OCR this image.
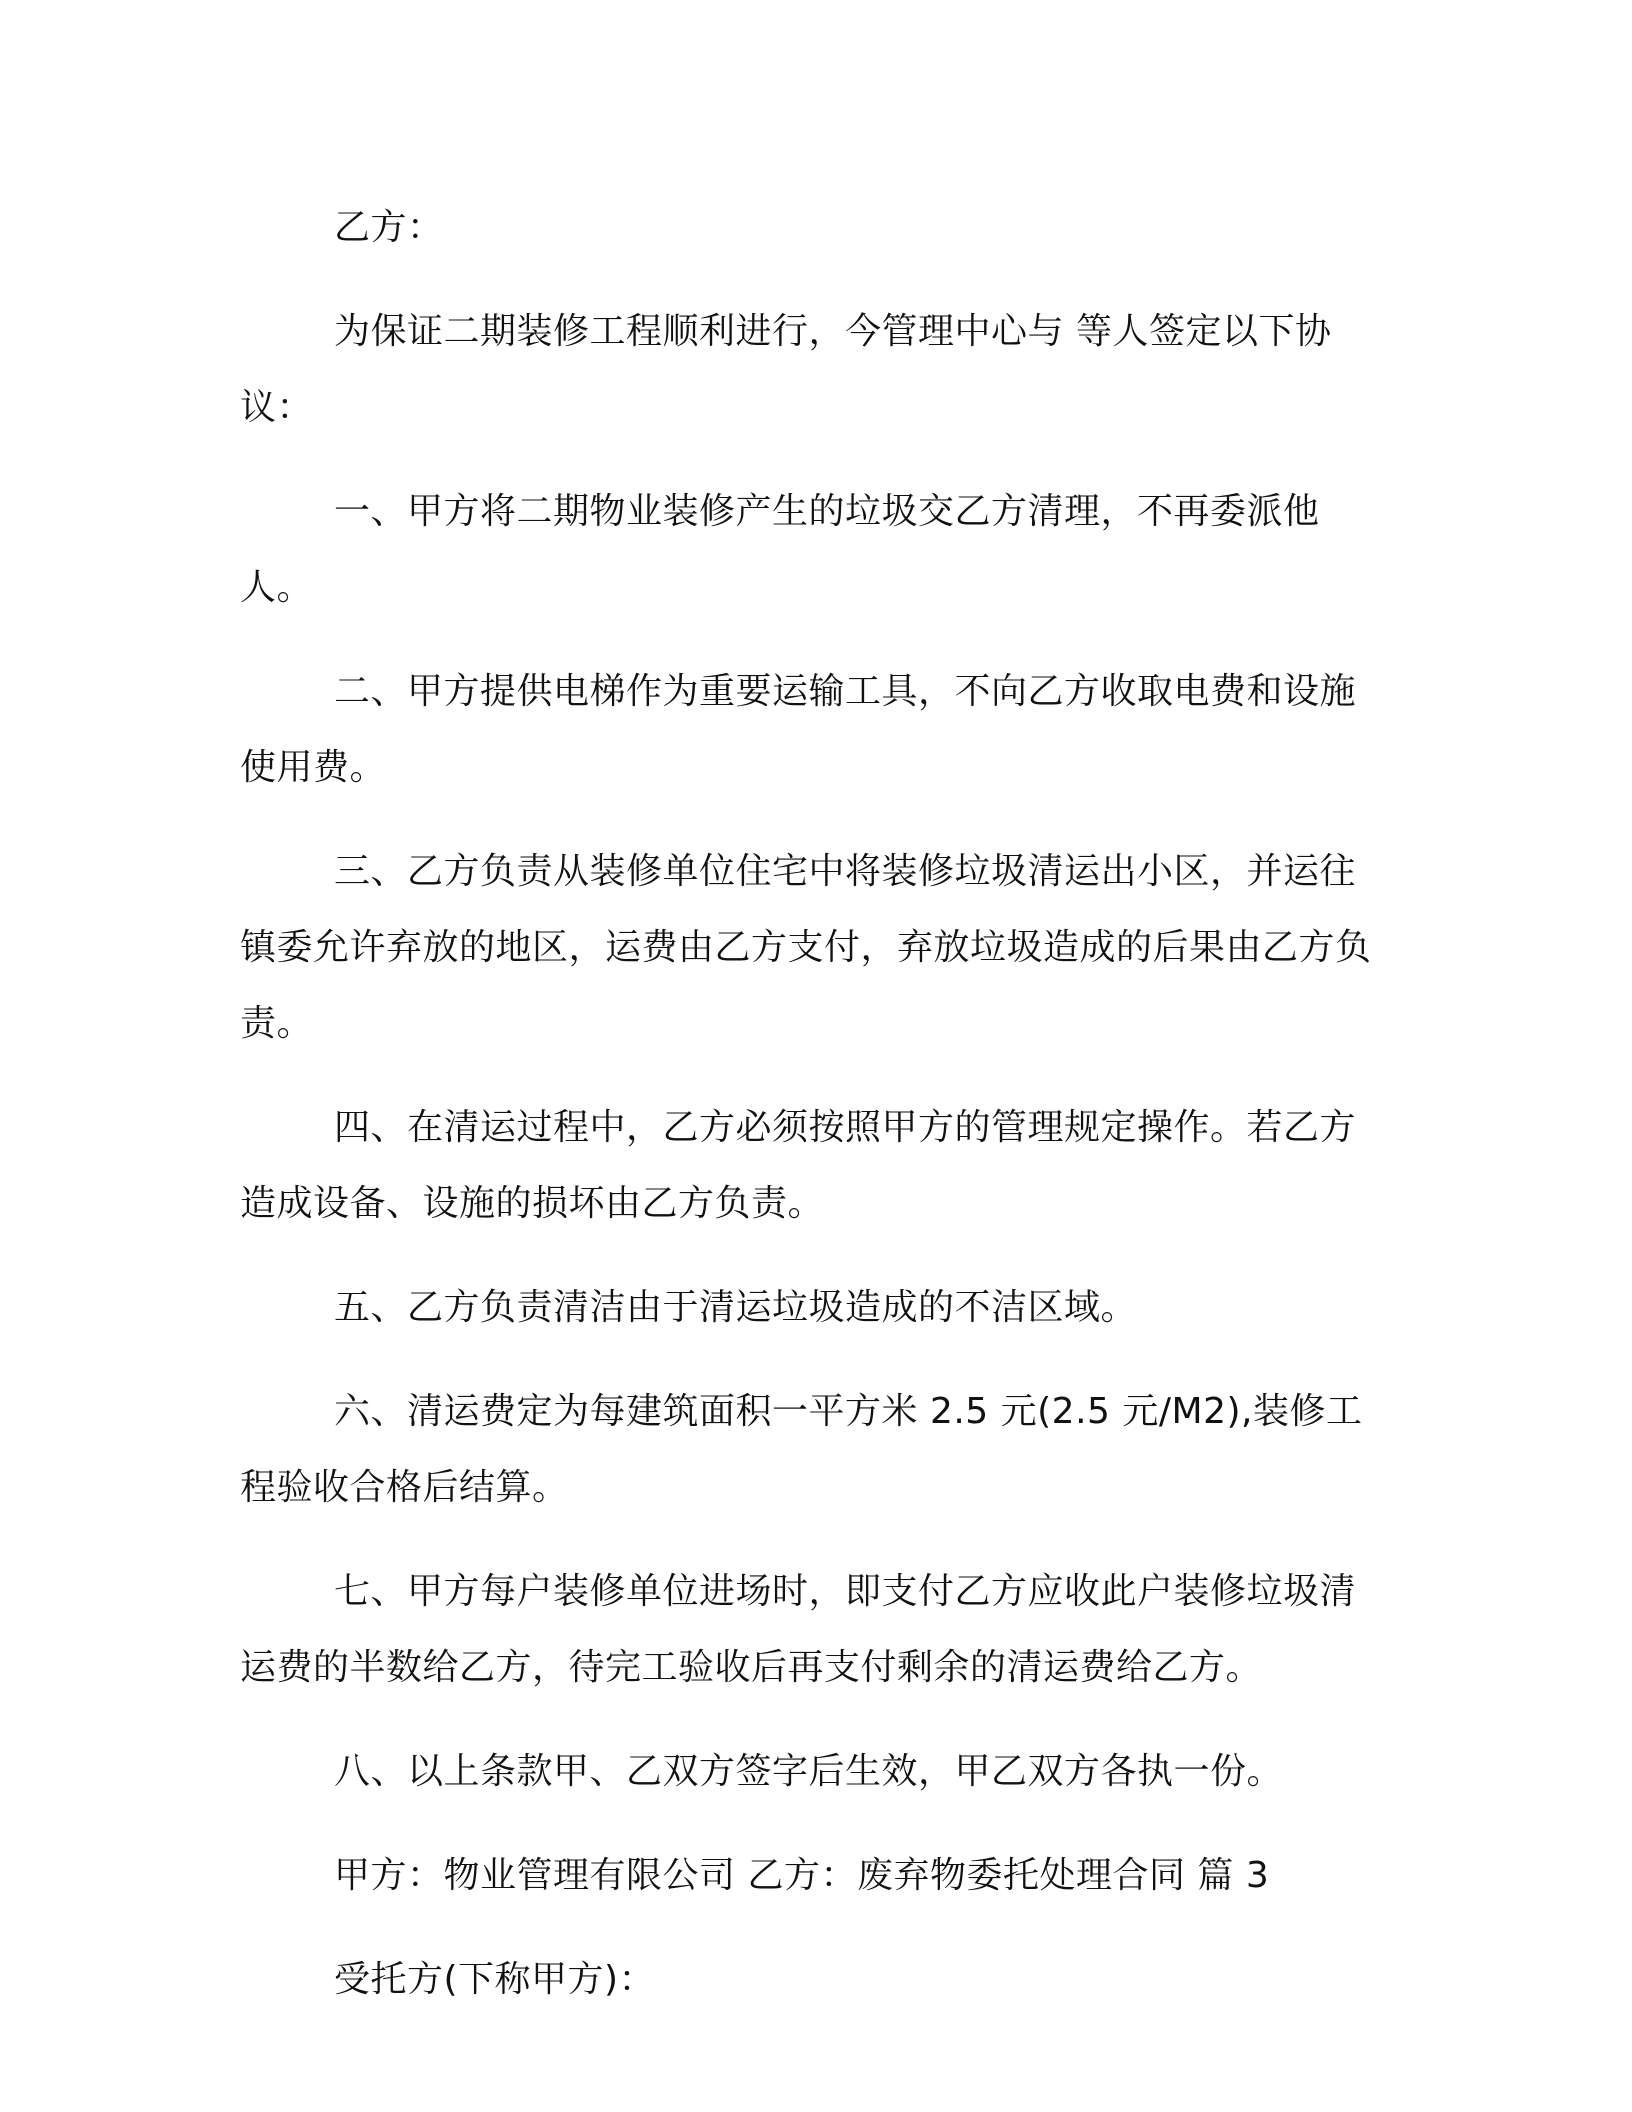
乙方：

为保证二期装修工程顺利进行，今管理中心与 等人签定以下协议：

一、甲方将二期物业装修产生的垃圾交乙方清理，不再委派他人。

二、甲方提供电梯作为重要运输工具，不向乙方收取电费和设施使用费。

三、乙方负责从装修单位住宅中将装修垃圾清运出小区，并运往镇委允许弃放的地区，运费由乙方支付，弃放垃圾造成的后果由乙方负责。

四、在清运过程中，乙方必须按照甲方的管理规定操作。若乙方造成设备、设施的损坏由乙方负责。

五、乙方负责清洁由于清运垃圾造成的不洁区域。

六、清运费定为每建筑面积一平方米 2.5 元(2.5 元/M2),装修工程验收合格后结算。

七、甲方每户装修单位进场时，即支付乙方应收此户装修垃圾清运费的半数给乙方，待完工验收后再支付剩余的清运费给乙方。

八、以上条款甲、乙双方签字后生效，甲乙双方各执一份。

甲方：物业管理有限公司 乙方：废弃物委托处理合同 篇 3

受托方(下称甲方)：
